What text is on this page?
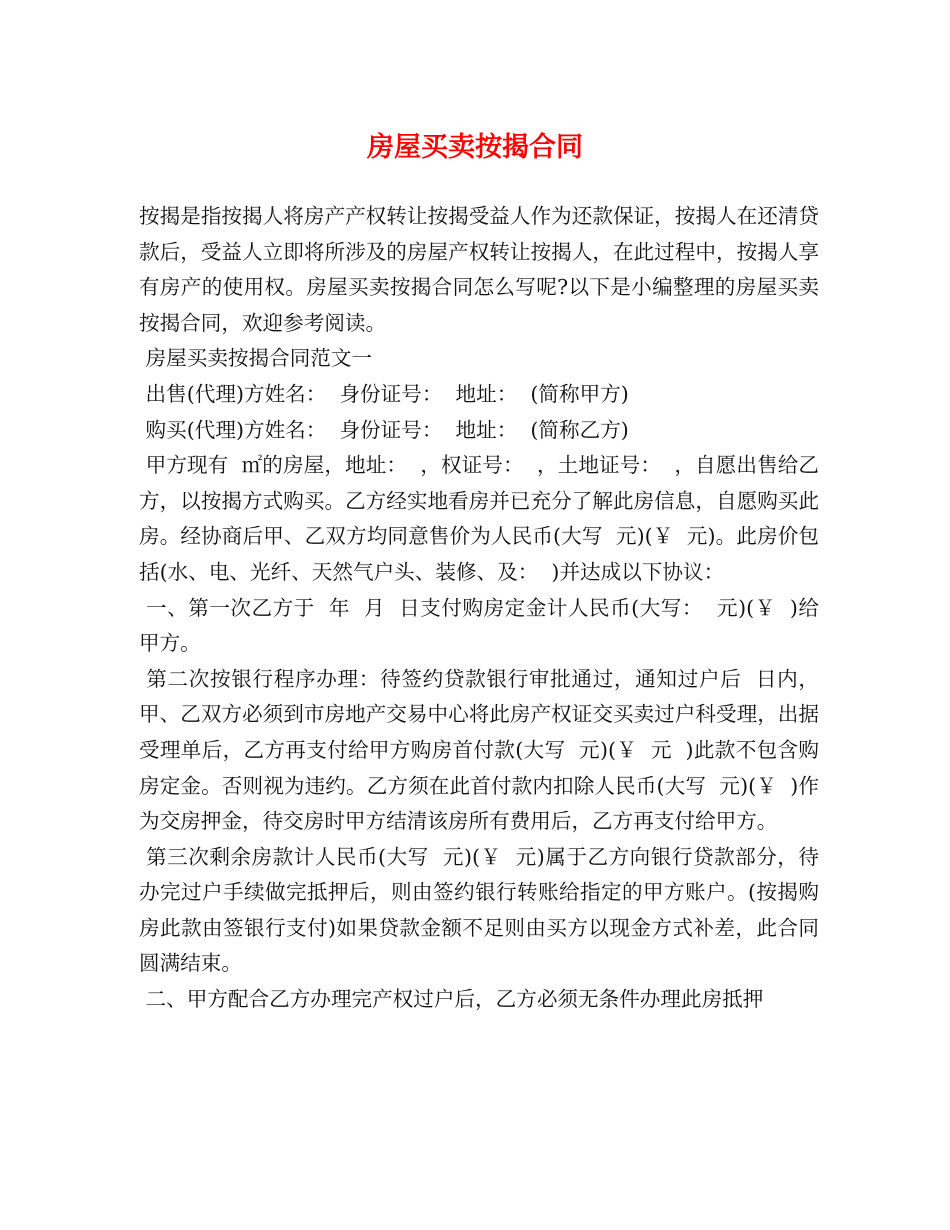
房屋买卖按揭合同

按揭是指按揭人将房产产权转让按揭受益人作为还款保证，按揭人在还清贷款后，受益人立即将所涉及的房屋产权转让按揭人，在此过程中，按揭人享有房产的使用权。房屋买卖按揭合同怎么写呢?以下是小编整理的房屋买卖按揭合同，欢迎参考阅读。

房屋买卖按揭合同范文一

出售(代理)方姓名：  身份证号：  地址：  (简称甲方)

购买(代理)方姓名：  身份证号：  地址：  (简称乙方)

甲方现有  ㎡的房屋，地址：  ，权证号：  ，土地证号：  ，自愿出售给乙方，以按揭方式购买。乙方经实地看房并已充分了解此房信息，自愿购买此房。经协商后甲、乙双方均同意售价为人民币(大写  元)(￥  元)。此房价包括(水、电、光纤、天然气户头、装修、及：  )并达成以下协议：

一、第一次乙方于  年  月  日支付购房定金计人民币(大写：  元)(￥  )给甲方。

第二次按银行程序办理：待签约贷款银行审批通过，通知过户后  日内，甲、乙双方必须到市房地产交易中心将此房产权证交买卖过户科受理，出据受理单后，乙方再支付给甲方购房首付款(大写  元)(￥  元  )此款不包含购房定金。否则视为违约。乙方须在此首付款内扣除人民币(大写  元)(￥  )作为交房押金，待交房时甲方结清该房所有费用后，乙方再支付给甲方。

第三次剩余房款计人民币(大写  元)(￥  元)属于乙方向银行贷款部分，待办完过户手续做完抵押后，则由签约银行转账给指定的甲方账户。(按揭购房此款由签银行支付)如果贷款金额不足则由买方以现金方式补差，此合同圆满结束。

二、甲方配合乙方办理完产权过户后，乙方必须无条件办理此房抵押
